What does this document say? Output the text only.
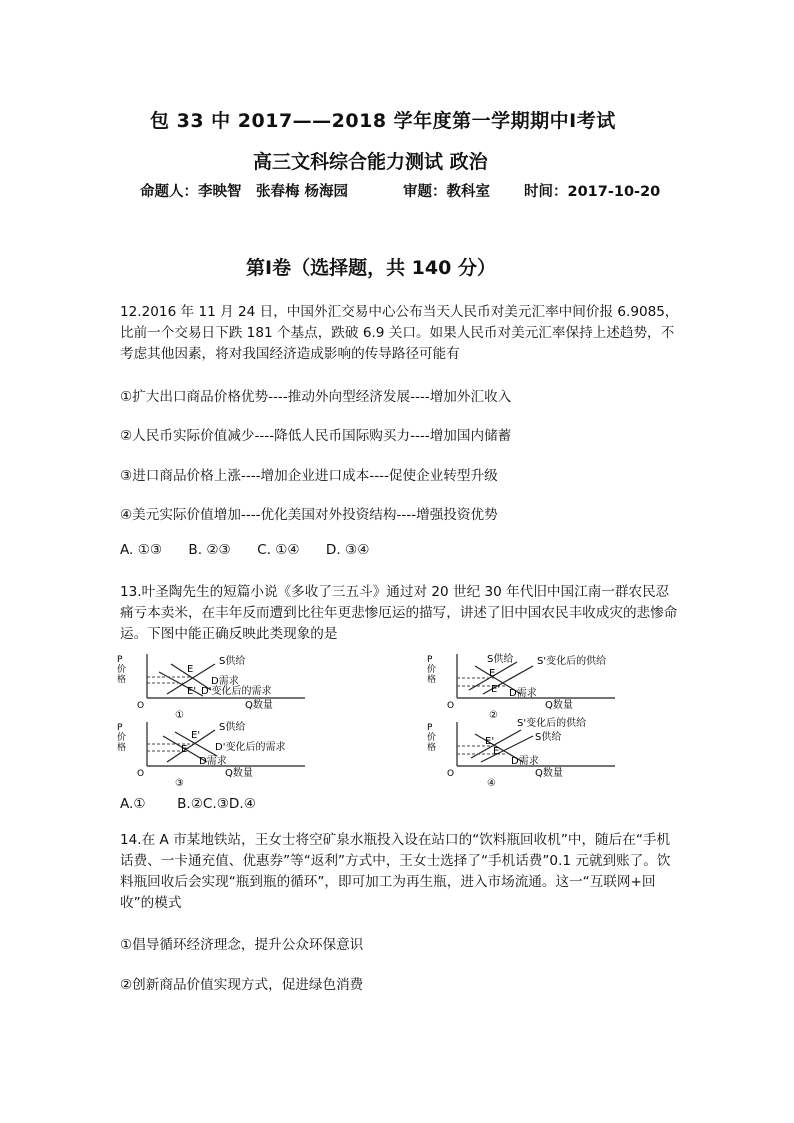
包 33 中 2017——2018 学年度第一学期期中Ⅰ考试
高三文科综合能力测试 政治
命题人：李映智　张春梅 杨海园	审题：教科室 时间：2017-10-20
第Ⅰ卷（选择题，共 140 分）
12.2016 年 11 月 24 日，中国外汇交易中心公布当天人民币对美元汇率中间价报 6.9085，比前一个交易日下跌 181 个基点，跌破 6.9 关口。如果人民币对美元汇率保持上述趋势，不考虑其他因素，将对我国经济造成影响的传导路径可能有
①扩大出口商品价格优势----推动外向型经济发展----增加外汇收入
②人民币实际价值减少----降低人民币国际购买力----增加国内储蓄
③进口商品价格上涨----增加企业进口成本----促使企业转型升级
④美元实际价值增加----优化美国对外投资结构----增强投资优势
A. ①③ B. ②③ C. ①④ D. ③④
13.叶圣陶先生的短篇小说《多收了三五斗》通过对 20 世纪 30 年代旧中国江南一群农民忍痛亏本卖米，在丰年反而遭到比往年更悲惨厄运的描写，讲述了旧中国农民丰收成灾的悲惨命运。下图中能正确反映此类现象的是
P
价
格
S供给
E
D需求
E' D'变化后的需求
O	Q数量
①
P
价
格
S供给 S'变化后的供给
E
E' D需求
O	Q数量
②
P
价
格
S供给
E'
E	D'变化后的需求
D需求
O	Q数量
③
P
价
格
S'变化后的供给
S供给
E'
E
D需求
O	Q数量
④
A.①　　 B.②C.③D.④
14.在 A 市某地铁站，王女士将空矿泉水瓶投入设在站口的“饮料瓶回收机”中，随后在“手机话费、一卡通充值、优惠券”等“返利”方式中，王女士选择了“手机话费”0.1 元就到账了。饮料瓶回收后会实现“瓶到瓶的循环”，即可加工为再生瓶，进入市场流通。这一“互联网+回收”的模式
①倡导循环经济理念，提升公众环保意识
②创新商品价值实现方式，促进绿色消费
